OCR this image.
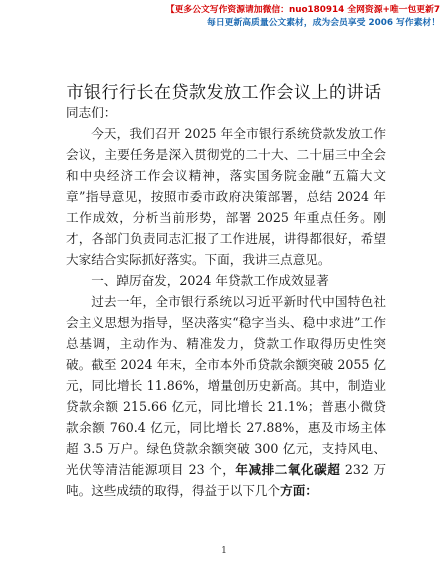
【更多公文写作资源请加微信：nuo180914 全网资源+唯一包更新7
每日更新高质量公文素材，成为会员享受 2006 写作素材！
市银行行长在贷款发放工作会议上的讲话

同志们：

今天，我们召开 2025 年全市银行系统贷款发放工作会议，主要任务是深入贯彻党的二十大、二十届三中全会和中央经济工作会议精神，落实国务院金融“五篇大文章”指导意见，按照市委市政府决策部署，总结 2024 年工作成效，分析当前形势，部署 2025 年重点任务。刚才，各部门负责同志汇报了工作进展，讲得都很好，希望大家结合实际抓好落实。下面，我讲三点意见。

一、踔厉奋发，2024 年贷款工作成效显著

过去一年，全市银行系统以习近平新时代中国特色社会主义思想为指导，坚决落实“稳字当头、稳中求进”工作总基调，主动作为、精准发力，贷款工作取得历史性突破。截至 2024 年末，全市本外币贷款余额突破 2055 亿元，同比增长 11.86%，增量创历史新高。其中，制造业贷款余额 215.66 亿元，同比增长 21.1%；普惠小微贷款余额 760.4 亿元，同比增长 27.88%，惠及市场主体超 3.5 万户。绿色贷款余额突破 300 亿元，支持风电、光伏等清洁能源项目 23 个，年减排二氧化碳超 232 万吨。这些成绩的取得，得益于以下几个方面：

1
